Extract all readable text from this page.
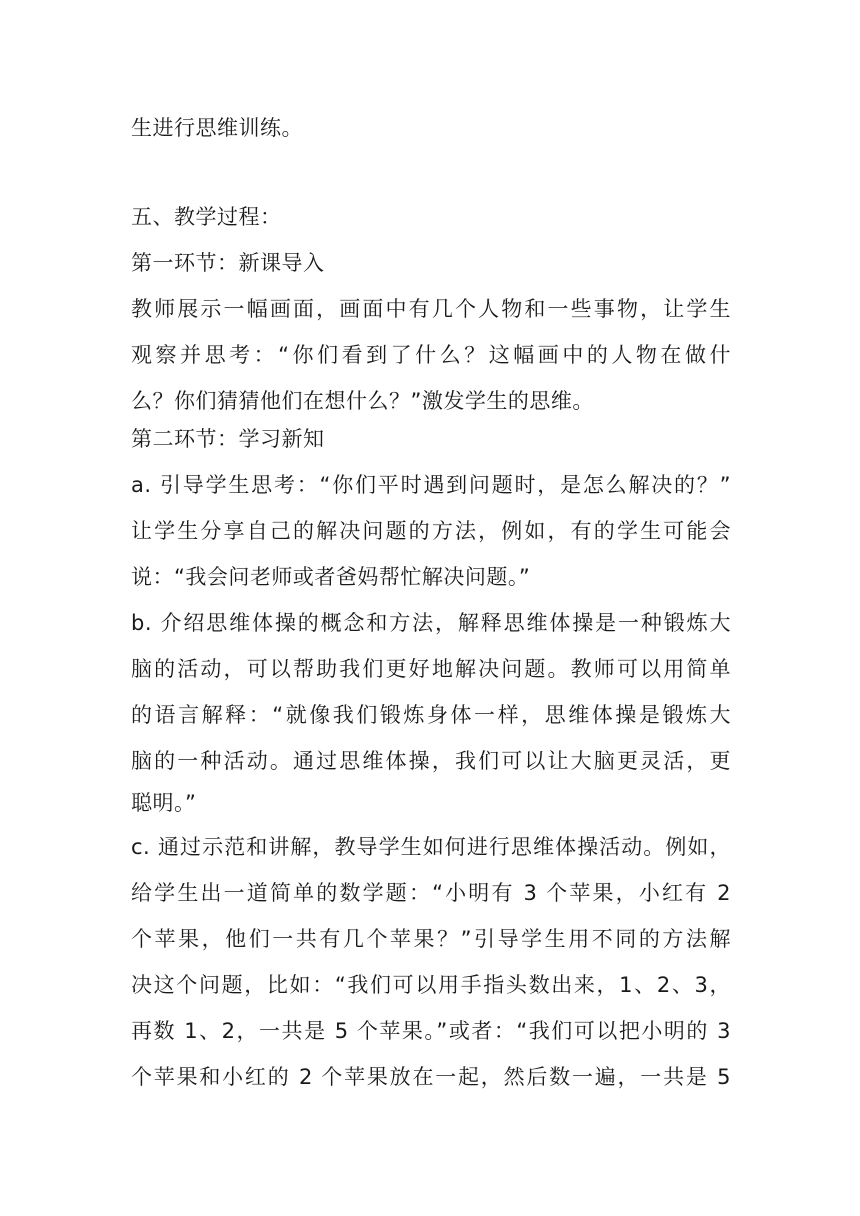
生进行思维训练。
五、教学过程：
第一环节：新课导入
教师展示一幅画面，画面中有几个人物和一些事物，让学生
观察并思考：“你们看到了什么？这幅画中的人物在做什
么？你们猜猜他们在想什么？”激发学生的思维。
第二环节：学习新知
a. 引导学生思考：“你们平时遇到问题时，是怎么解决的？”
让学生分享自己的解决问题的方法，例如，有的学生可能会
说：“我会问老师或者爸妈帮忙解决问题。”
b. 介绍思维体操的概念和方法，解释思维体操是一种锻炼大
脑的活动，可以帮助我们更好地解决问题。教师可以用简单
的语言解释：“就像我们锻炼身体一样，思维体操是锻炼大
脑的一种活动。通过思维体操，我们可以让大脑更灵活，更
聪明。”
c. 通过示范和讲解，教导学生如何进行思维体操活动。例如，
给学生出一道简单的数学题：“小明有 3 个苹果，小红有 2
个苹果，他们一共有几个苹果？”引导学生用不同的方法解
决这个问题，比如：“我们可以用手指头数出来，1、2、3，
再数 1、2，一共是 5 个苹果。”或者：“我们可以把小明的 3
个苹果和小红的 2 个苹果放在一起，然后数一遍，一共是 5
